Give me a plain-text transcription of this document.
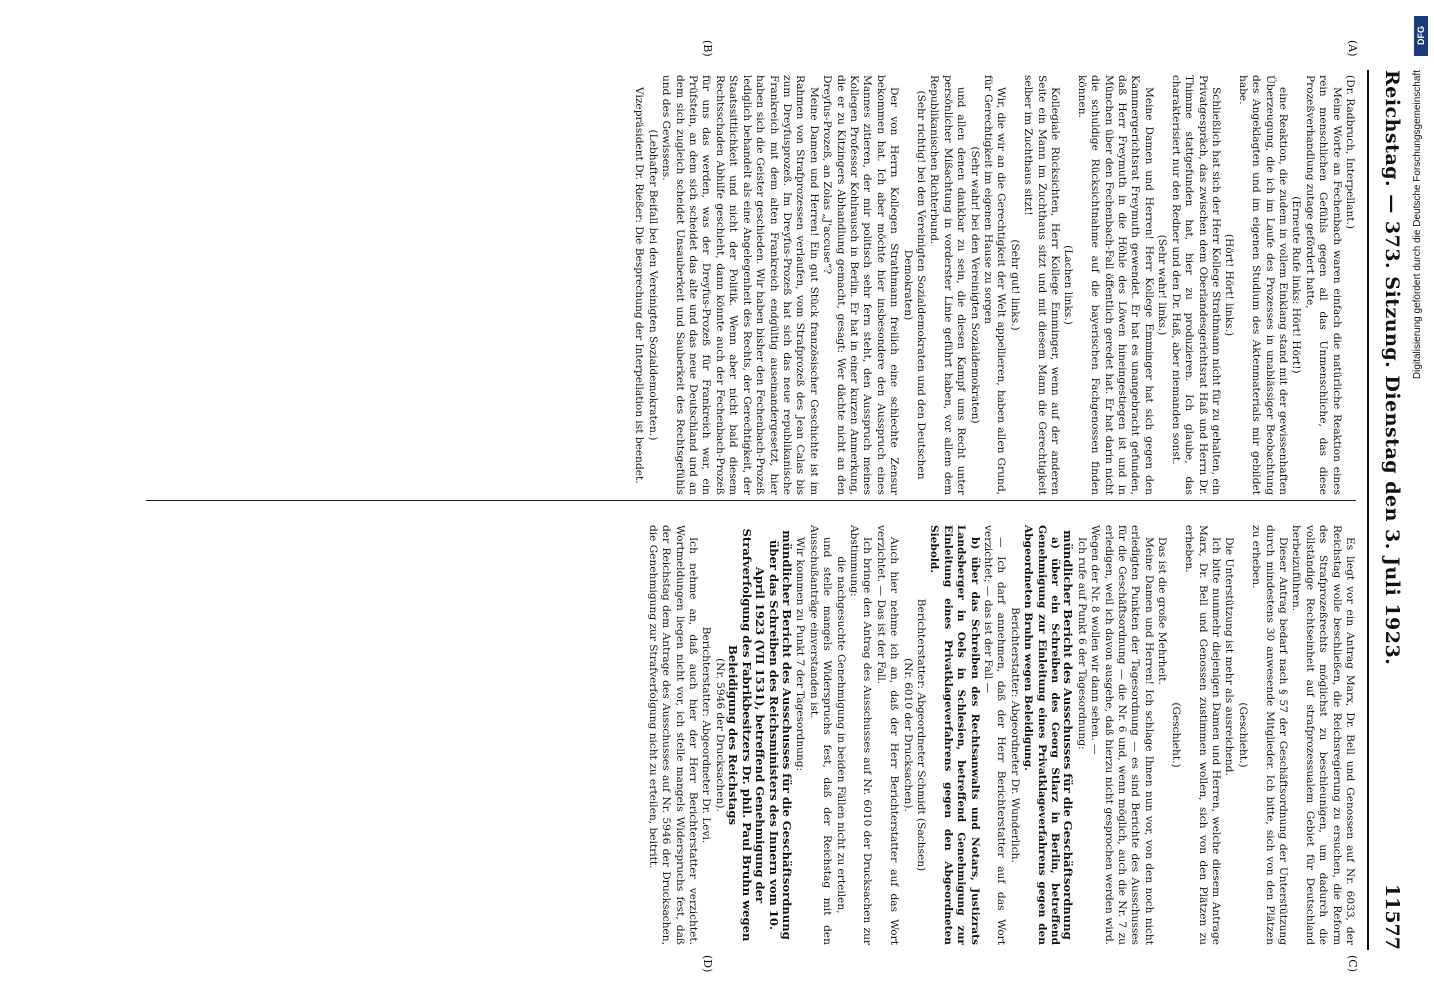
Reichstag. — 373. Sitzung. Dienstag den 3. Juli 1923.
11577
(A)
(B)
(C)
(D)

(Dr. Radbruch, Interpellant.)

Meine Worte an Fechenbach waren einfach die natürliche Reaktion eines rein menschlichen Gefühls gegen all das Unmenschliche, das diese Prozeßverhandlung zutage gefördert hatte,

(Erneute Rufe links: Hört! Hört!)

eine Reaktion, die zudem in vollem Einklang stand mit der gewissenhaften Überzeugung, die ich im Laufe des Prozesses in unablässiger Beobachtung des Angeklagten und im eigenen Studium des Aktenmaterials mir gebildet habe.

(Hört! Hört! links.)

Schließlich hat sich der Herr Kollege Strathmann nicht für zu gehalten, ein Privatgespräch, das zwischen dem Oberlandesgerichtsrat Haß und Herrn Dr. Thimme stattgefunden hat, hier zu produzieren. Ich glaube, das charakterisiert nur den Redner und den Dr. Haß, aber niemanden sonst.

(Sehr wahr! links.)

Meine Damen und Herren! Herr Kollege Emminger hat sich gegen den Kammergerichtsrat Freymuth gewendet. Er hat es unangebracht gefunden, daß Herr Freymuth in die Höhle des Löwen hineingestiegen ist und in München über den Fechenbach-Fall öffentlich geredet hat. Er hat darin nicht die schuldige Rücksichtnahme auf die bayerischen Fachgenossen finden können.

(Lachen links.)

Kollegiale Rücksichten, Herr Kollege Emminger, wenn auf der anderen Seite ein Mann im Zuchthaus sitzt und mit diesem Mann die Gerechtigkeit selber im Zuchthaus sitzt!

(Sehr gut! links.)

Wir, die wir an die Gerechtigkeit der Welt appellieren, haben allen Grund, für Gerechtigkeit im eigenen Hause zu sorgen

(Sehr wahr! bei den Vereinigten Sozialdemokraten)

und allen denen dankbar zu sein, die diesen Kampf ums Recht unter persönlicher Mißachtung in vorderster Linie geführt haben, vor allem dem Republikanischen Richterbund.

(Sehr richtig! bei den Vereinigten Sozialdemokraten und den Deutschen Demokraten)

Der von Herrn Kollegen Strathmann freilich eine schlechte Zensur bekommen hat. Ich aber möchte hier insbesondere den Ausspruch eines Mannes zitieren, der mir politisch sehr fern steht, den Ausspruch meines Kollegen Professor Kohlrausch in Berlin. Er hat in einer kurzen Anmerkung, die er zu Kitzingers Abhandlung gemacht, gesagt: Wer dächte nicht an den Dreyfus-Prozeß, an Zolas „J'accuse“?

Meine Damen und Herren! Ein gut Stück französischer Geschichte ist im Rahmen von Strafprozessen verlaufen, vom Strafprozeß des Jean Calas bis zum Dreyfusprozeß. Im Dreyfus-Prozeß hat sich das neue republikanische Frankreich mit dem alten Frankreich endgültig auseinandergesetzt, hier haben sich die Geister geschieden. Wir haben bisher den Fechenbach-Prozeß lediglich behandelt als eine Angelegenheit des Rechts, der Gerechtigkeit, der Staatssittlichkeit und nicht der Politik. Wenn aber nicht bald diesem Rechtsschaden Abhilfe geschieht, dann könnte auch der Fechenbach-Prozeß für uns das werden, was der Dreyfus-Prozeß für Frankreich war, ein Prüfstein, an dem sich scheidet das alte und das neue Deutschland und an dem sich zugleich scheidet Unsauberkeit und Sauberkeit des Rechtsgefühls und des Gewissens.

(Lebhafter Beifall bei den Vereinigten Sozialdemokraten.)

Vizepräsident Dr. Rießer: Die Besprechung der Interpellation ist beendet.

Es liegt vor ein Antrag Marx, Dr. Bell und Genossen auf Nr. 6033, der Reichstag wolle beschließen, die Reichsregierung zu ersuchen, die Reform des Strafprozeßrechts möglichst zu beschleunigen, um dadurch die vollständige Rechtseinheit auf strafprozessualem Gebiet für Deutschland herbeizuführen.

Dieser Antrag bedarf nach § 57 der Geschäftsordnung der Unterstützung durch mindestens 30 anwesende Mitglieder. Ich bitte, sich von den Plätzen zu erheben.

(Geschieht.)

Die Unterstützung ist mehr als ausreichend.

Ich bitte nunmehr diejenigen Damen und Herren, welche diesem Antrage Marx, Dr. Bell und Genossen zustimmen wollen, sich von den Plätzen zu erheben.

(Geschieht.)

Das ist die große Mehrheit.

Meine Damen und Herren! Ich schlage Ihnen nun vor, von den noch nicht erledigten Punkten der Tagesordnung — es sind Berichte des Ausschusses für die Geschäftsordnung — die Nr. 6 und, wenn möglich, auch die Nr. 7 zu erledigen, weil ich davon ausgehe, daß hierzu nicht gesprochen werden wird. Wegen der Nr. 8 wollen wir dann sehen. —

Ich rufe auf Punkt 6 der Tagesordnung:

mündlicher Bericht des Ausschusses für die Geschäftsordnung

a) über ein Schreiben des Georg Stlarz in Berlin, betreffend Genehmigung zur Einleitung eines Privatklageverfahrens gegen den Abgeordneten Bruhn wegen Beleidigung.

Berichterstatter: Abgeordneter Dr. Wunderlich.

— Ich darf annehmen, daß der Herr Berichterstatter auf das Wort verzichtet; — das ist der Fall —

b) über das Schreiben des Rechtsanwalts und Notars, Justizrats Landsberger in Oels in Schlesien, betreffend Genehmigung zur Einleitung eines Privatklageverfahrens gegen den Abgeordneten Siebold.

Berichterstatter: Abgeordneter Schmidt (Sachsen)

(Nr. 6010 der Drucksachen).

Auch hier nehme ich an, daß der Herr Berichterstatter auf das Wort verzichtet. — Das ist der Fall.

Ich bringe den Antrag des Ausschusses auf Nr. 6010 der Drucksachen zur Abstimmung:

die nachgesuchte Genehmigung in beiden Fällen nicht zu erteilen,

und stelle mangels Widerspruchs fest, daß der Reichstag mit den Ausschußanträge einverstanden ist.

Wir kommen zu Punkt 7 der Tagesordnung:

mündlicher Bericht des Ausschusses für die Geschäftsordnung über das Schreiben des Reichsministers des Innern vom 10. April 1923 (VII 1531), betreffend Genehmigung der Strafverfolgung des Fabrikbesitzers Dr. phil. Paul Bruhn wegen Beleidigung des Reichstags

(Nr. 5946 der Drucksachen).

Berichterstatter: Abgeordneter Dr. Levi.

Ich nehme an, daß auch hier der Herr Berichterstatter verzichtet. Wortmeldungen liegen nicht vor, ich stelle mangels Widerspruchs fest, daß der Reichstag dem Antrage des Ausschusses auf Nr. 5946 der Drucksachen, die Genehmigung zur Strafverfolgung nicht zu erteilen, beitritt.

DFG
Digitalisierung gefördert durch die Deutsche Forschungsgemeinschaft
